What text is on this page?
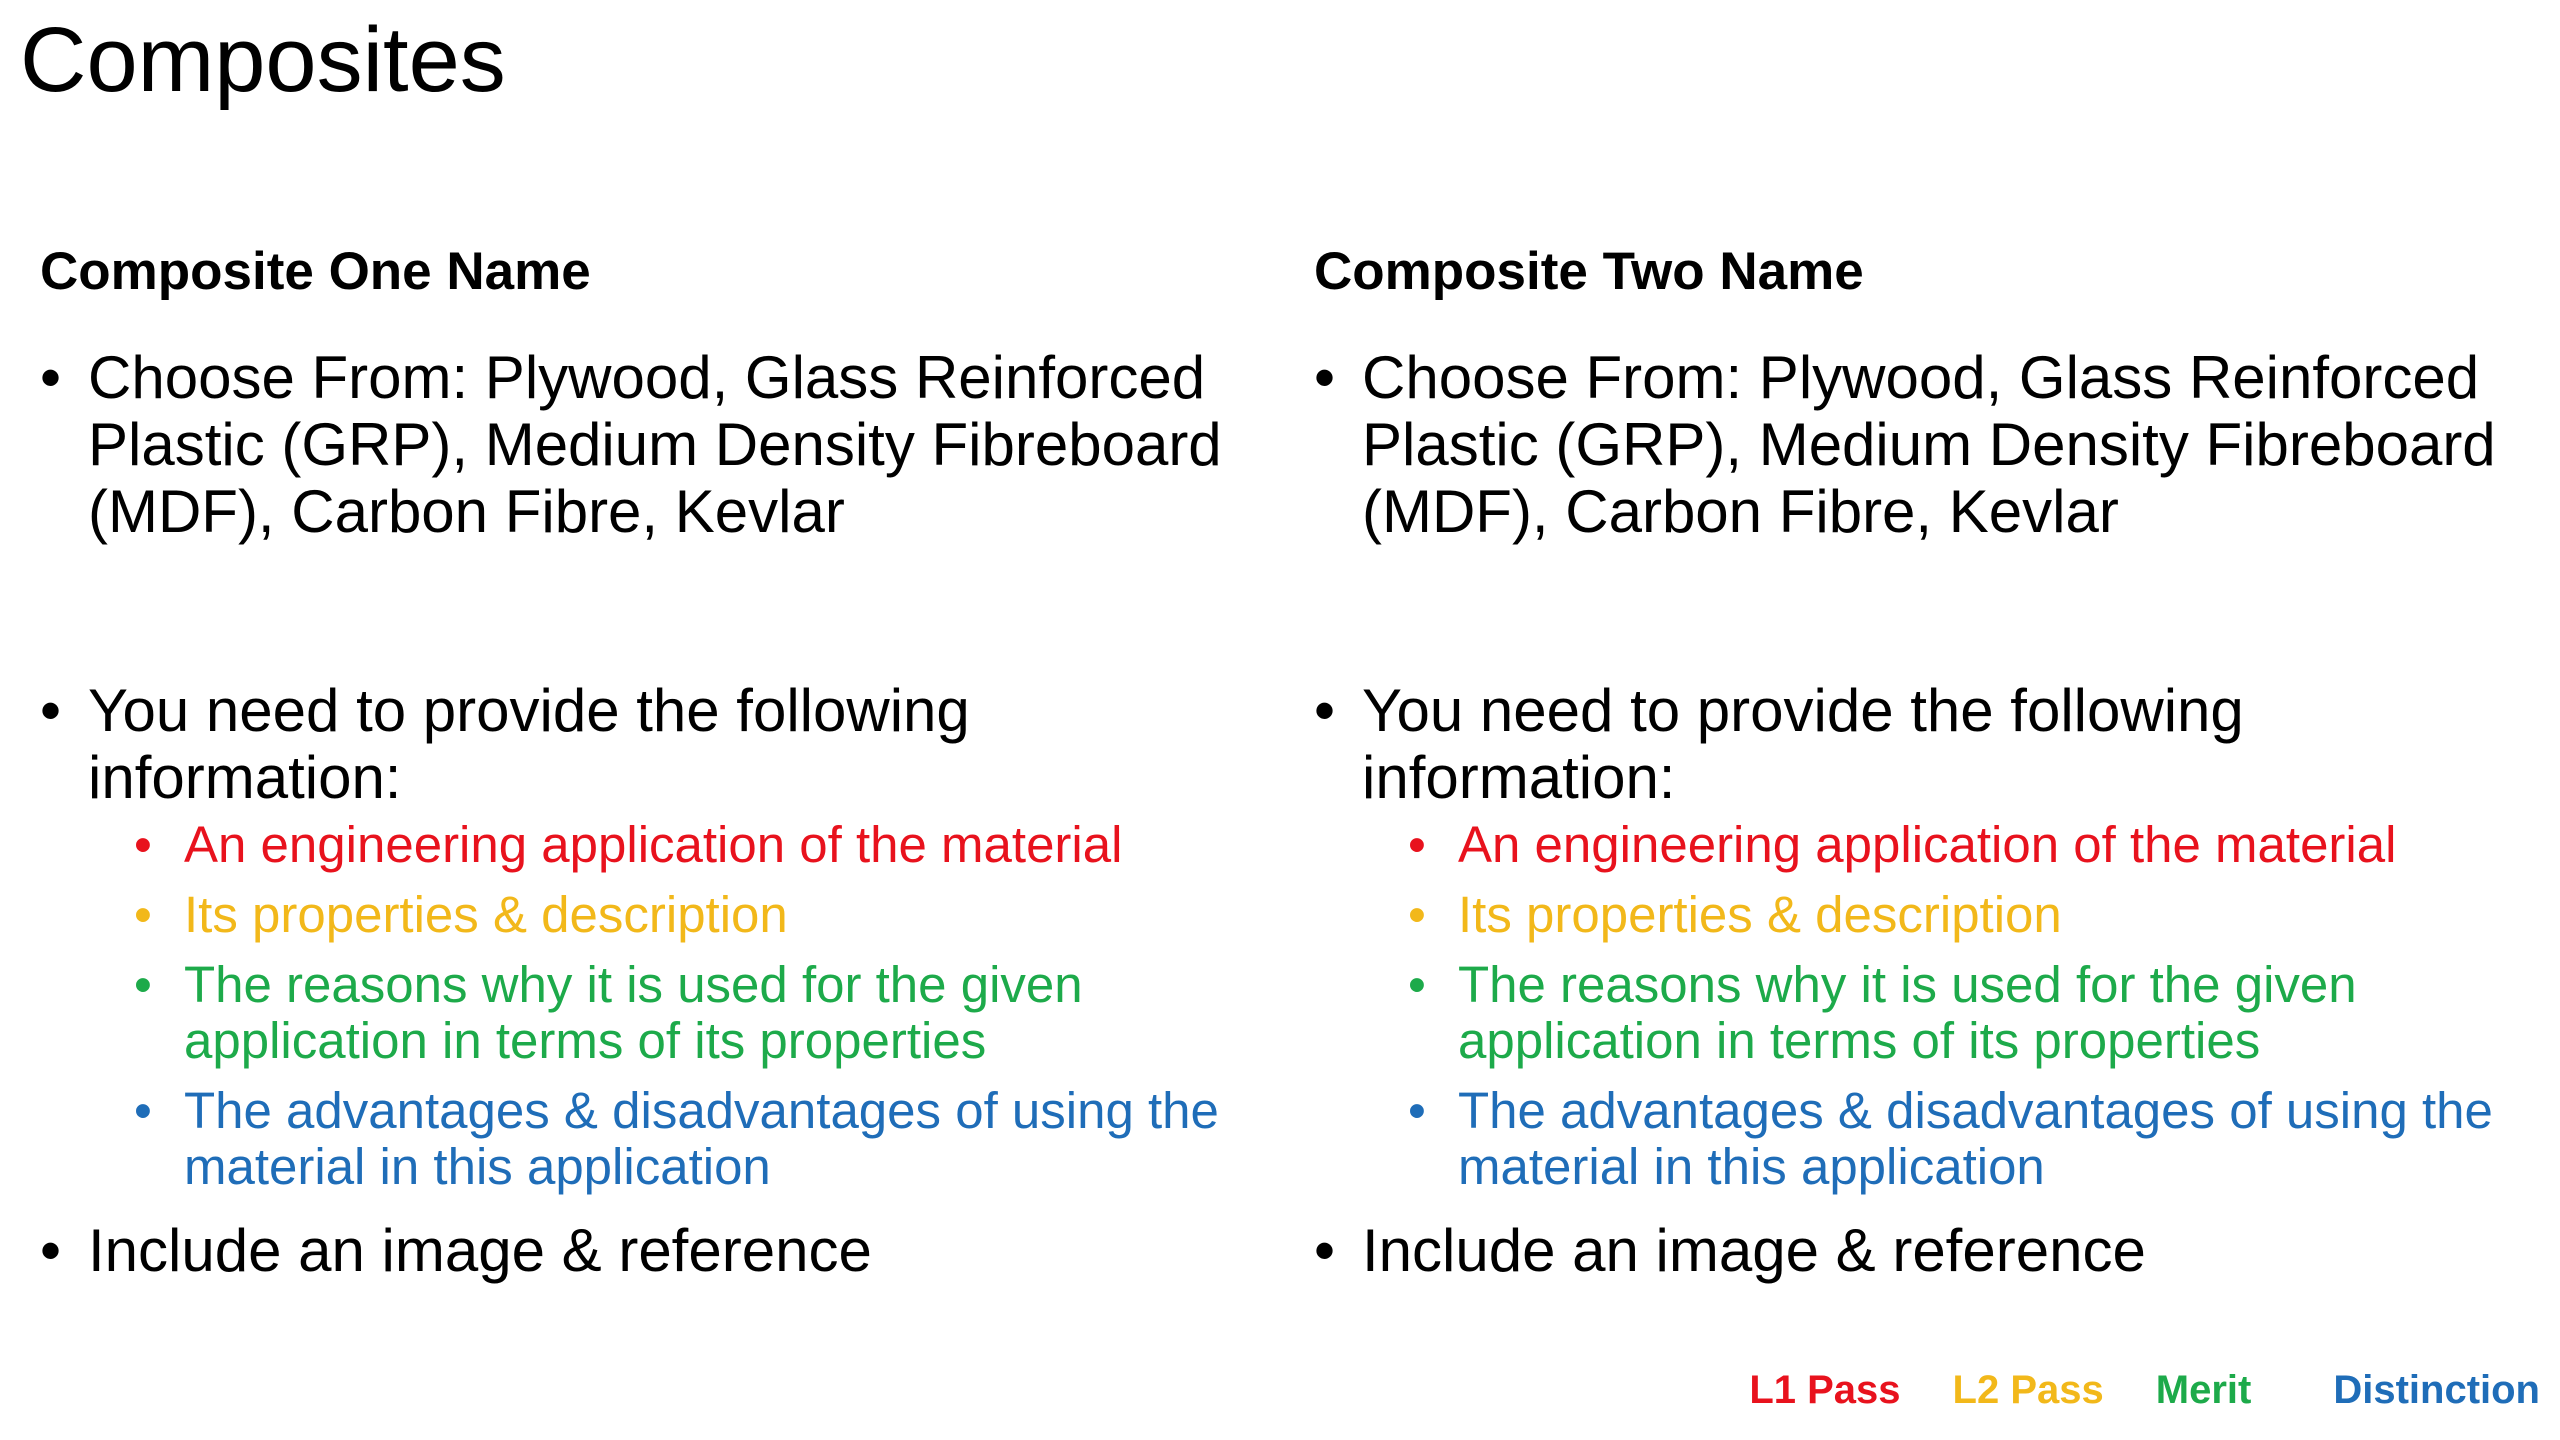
Composites
Composite One Name
• Choose From: Plywood, Glass Reinforced Plastic (GRP), Medium Density Fibreboard (MDF), Carbon Fibre, Kevlar
• You need to provide the following information:
• An engineering application of the material
• Its properties & description
• The reasons why it is used for the given application in terms of its properties
• The advantages & disadvantages of using the material in this application
• Include an image & reference
Composite Two Name
• Choose From: Plywood, Glass Reinforced Plastic (GRP), Medium Density Fibreboard (MDF), Carbon Fibre, Kevlar
• You need to provide the following information:
• An engineering application of the material
• Its properties & description
• The reasons why it is used for the given application in terms of its properties
• The advantages & disadvantages of using the material in this application
• Include an image & reference
L1 Pass L2 Pass Merit Distinction
